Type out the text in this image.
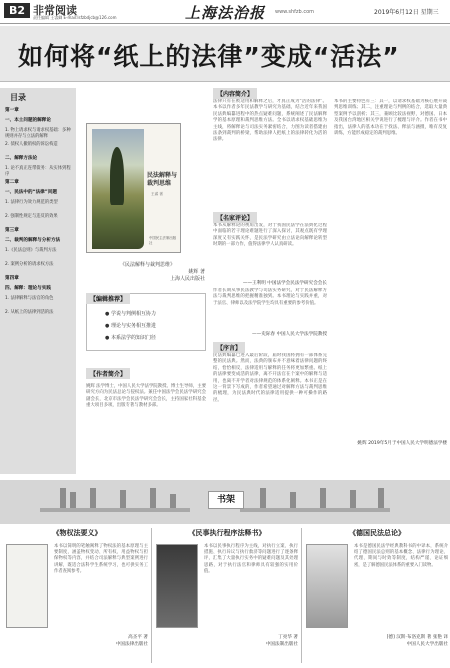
B2 非常阅读
责任编辑 王睿卿 E-mail:lsfzbdjcb@126.com	上海法治报 www.shfzb.com	2019年6月12日 星期三
如何将“纸上的法律”变成“活法”
目录
第一章
一、本土问题的解释论
1. 物上请求权与请求权基础：多种规则并存与立法的解释
2. 债权人撤销权的诉讼构造
二、解释方法论
1. 论不真正连带债务：从实体到程序
第二章
一、民法中的“法律”问题
1. 法律行为效力规范的类型
2. 强制性规定与违反的效果
第三章
二、裁判的解释与分析方法
1.《民法总则》与裁判方法
2. 案例分析的请求权方法
第四章
四、解释：理论与实践
1. 法律解释与法官的角色
2. 从纸上的法律到活的法
民法解释与
裁判思维
王睿 著
中国民主法制出版社
《民法解释与裁判思维》
姚辉 著
上海人民出版社
【编辑推荐】
● 学说与判例相互协力
● 理论与实务相互推进
● 本系法学的知识门径
【作者简介】
姚辉 法学博士，中国人民大学法学院教授、博士生导师，主要研究方向为民法总论与侵权法。兼任中国法学会民法学研究会副会长，北京市法学会民法学研究会会长，主持国家社科基金重大项目多项，出版专著与教材多部。
【内容简介】
法律只有在被适用和解释之后，才真正成为“活的法律”。本书以作者多年民法教学与研究为基础，结合近年来我国民法典编纂进程中的热点疑难问题，系统阐述了民法解释学的基本原理和裁判思维方法。全书以请求权基础思维为主线，将解释论与司法实务紧密结合，力图为读者搭建由法条到裁判的桥梁，帮助法律人把纸上的法律转化为活的法律。
【名家评论】
本书从解释论的视角出发，对于我国民法学在法典化过程中面临的若干理论难题进行了深入探讨，其观点既有学理深度又有实践关怀，是民法学研究由立法论向解释论转型时期的一部力作，值得法律学人认真研读。
——王利明 中国法学会民法学研究会会长
作者长期从事民法教学与司法实务研究，对于民法解释方法与裁判思维的把握精准独到。本书理论与实践并重，对于法官、律师以及法学院学生均具有重要的参考价值。
——史际春 中国人民大学法学院教授
【序言】
民法典编纂已进入最后阶段，届时我国将拥有一部体系完整的民法典。然而，法典的颁布并不意味着法律问题的终结，恰恰相反，法律适用与解释的任务将更加繁重。纸上的法律要变成活的法律，离不开法官在个案中的解释与适用，也离不开学者对法律规范的体系化阐释。本书正是在这一背景下写成的，作者希望通过对解释方法与裁判思维的梳理，为民法典时代的法律适用提供一种可操作的路径。
本书的主要特色有三：其一，以请求权基础为核心展开裁判思维训练；其二，注重理论与判例的结合，选取大量典型案例予以剖析；其三，兼顾比较法视野，对德国、日本及我国台湾地区相关学说进行了梳理与评介。作者在书中指出，法律人的基本功在于找法、释法与涵摄，唯有反复训练，方能形成稳定的裁判思维。
姚辉 2019年5月于中国人民大学明德法学楼
书架
《物权法要义》
本书以简明的笔触阐释了物权法的基本原理与主要制度，涵盖物权变动、所有权、用益物权与担保物权等内容，并结合司法解释与典型案例进行讲解，既适合法科学生系统学习，也可供实务工作者查阅参考。
高圣平 著
中国法律出版社
《民事执行程序法释书》
本书以民事执行程序为主线，对执行立案、执行措施、执行异议与执行救济等问题进行了逐条释评，汇集了大量执行实务中的疑难问题及其处理思路，对于执行法官和律师具有较强的实用价值。
丁亮华 著
中国法制出版社
《德国民法总论》
本书是德国民法学经典教科书的中译本，系统介绍了德国民法总则的基本概念、法律行为理论、代理、期间与时效等制度，结构严谨、论证细密，是了解德国民法体系的重要入门读物。
[德] 汉斯·布洛克斯 著 张艳 译
中国人民大学出版社
